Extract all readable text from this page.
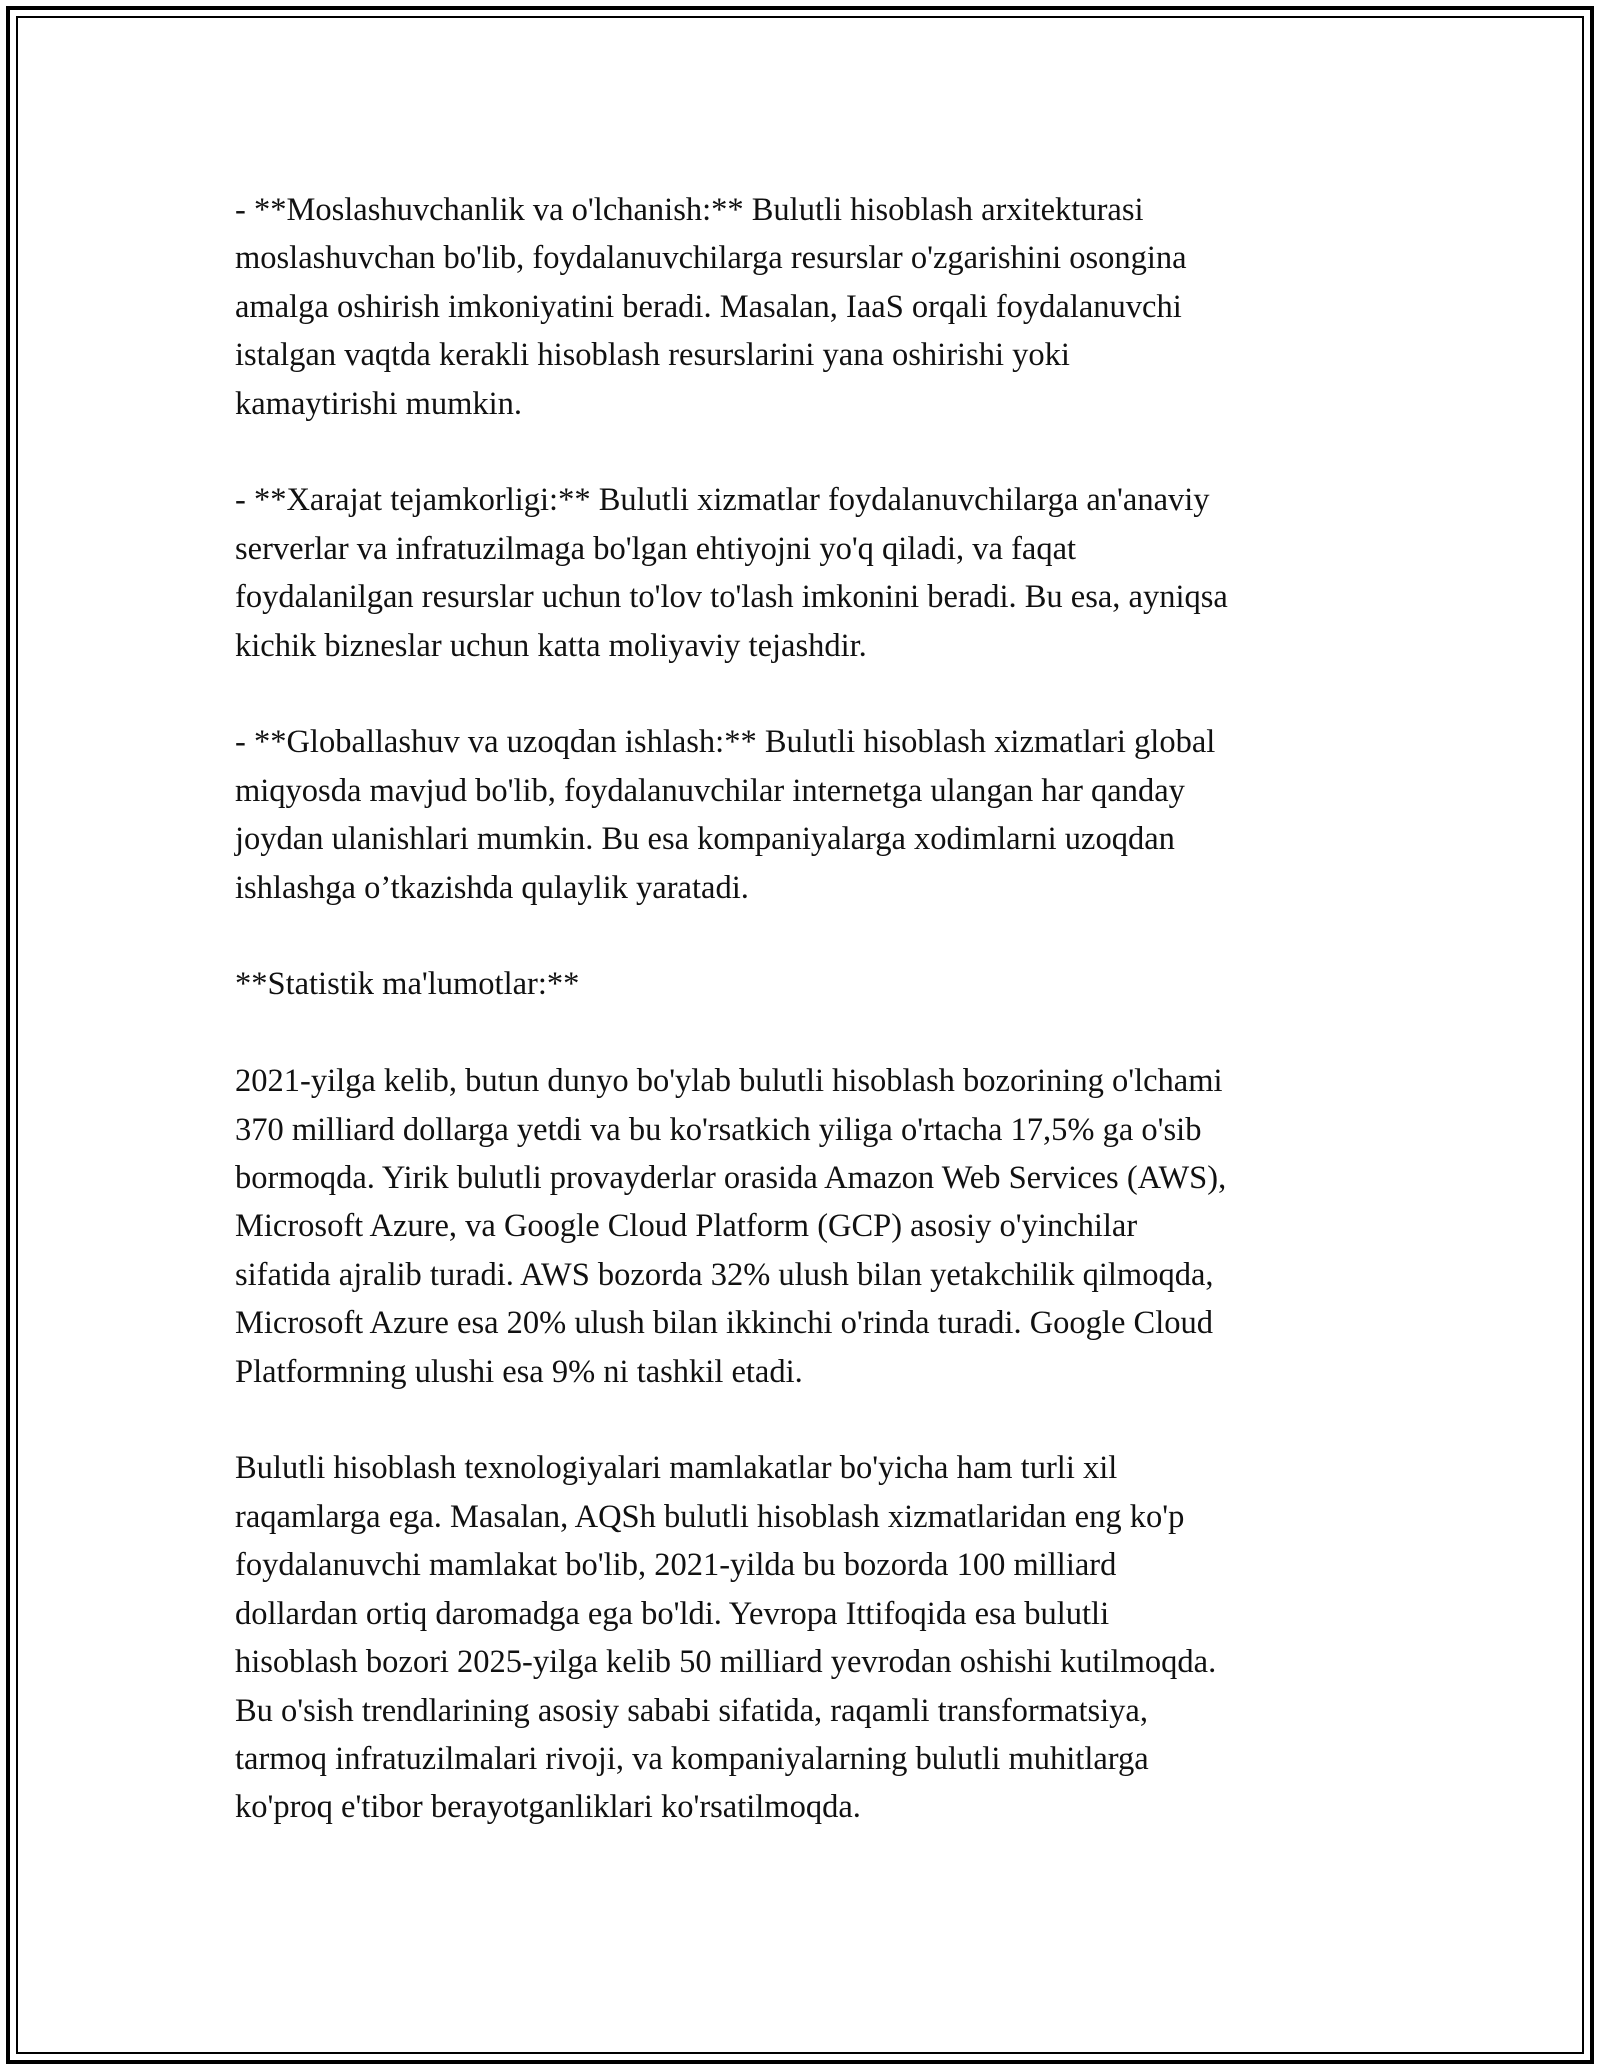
- **Moslashuvchanlik va o'lchanish:** Bulutli hisoblash arxitekturasi
moslashuvchan bo'lib, foydalanuvchilarga resurslar o'zgarishini osongina
amalga oshirish imkoniyatini beradi. Masalan, IaaS orqali foydalanuvchi
istalgan vaqtda kerakli hisoblash resurslarini yana oshirishi yoki
kamaytirishi mumkin.

- **Xarajat tejamkorligi:** Bulutli xizmatlar foydalanuvchilarga an'anaviy
serverlar va infratuzilmaga bo'lgan ehtiyojni yo'q qiladi, va faqat
foydalanilgan resurslar uchun to'lov to'lash imkonini beradi. Bu esa, ayniqsa
kichik bizneslar uchun katta moliyaviy tejashdir.

- **Globallashuv va uzoqdan ishlash:** Bulutli hisoblash xizmatlari global
miqyosda mavjud bo'lib, foydalanuvchilar internetga ulangan har qanday
joydan ulanishlari mumkin. Bu esa kompaniyalarga xodimlarni uzoqdan
ishlashga o’tkazishda qulaylik yaratadi.

**Statistik ma'lumotlar:**

2021-yilga kelib, butun dunyo bo'ylab bulutli hisoblash bozorining o'lchami
370 milliard dollarga yetdi va bu ko'rsatkich yiliga o'rtacha 17,5% ga o'sib
bormoqda. Yirik bulutli provayderlar orasida Amazon Web Services (AWS),
Microsoft Azure, va Google Cloud Platform (GCP) asosiy o'yinchilar
sifatida ajralib turadi. AWS bozorda 32% ulush bilan yetakchilik qilmoqda,
Microsoft Azure esa 20% ulush bilan ikkinchi o'rinda turadi. Google Cloud
Platformning ulushi esa 9% ni tashkil etadi.

Bulutli hisoblash texnologiyalari mamlakatlar bo'yicha ham turli xil
raqamlarga ega. Masalan, AQSh bulutli hisoblash xizmatlaridan eng ko'p
foydalanuvchi mamlakat bo'lib, 2021-yilda bu bozorda 100 milliard
dollardan ortiq daromadga ega bo'ldi. Yevropa Ittifoqida esa bulutli
hisoblash bozori 2025-yilga kelib 50 milliard yevrodan oshishi kutilmoqda.
Bu o'sish trendlarining asosiy sababi sifatida, raqamli transformatsiya,
tarmoq infratuzilmalari rivoji, va kompaniyalarning bulutli muhitlarga
ko'proq e'tibor berayotganliklari ko'rsatilmoqda.
